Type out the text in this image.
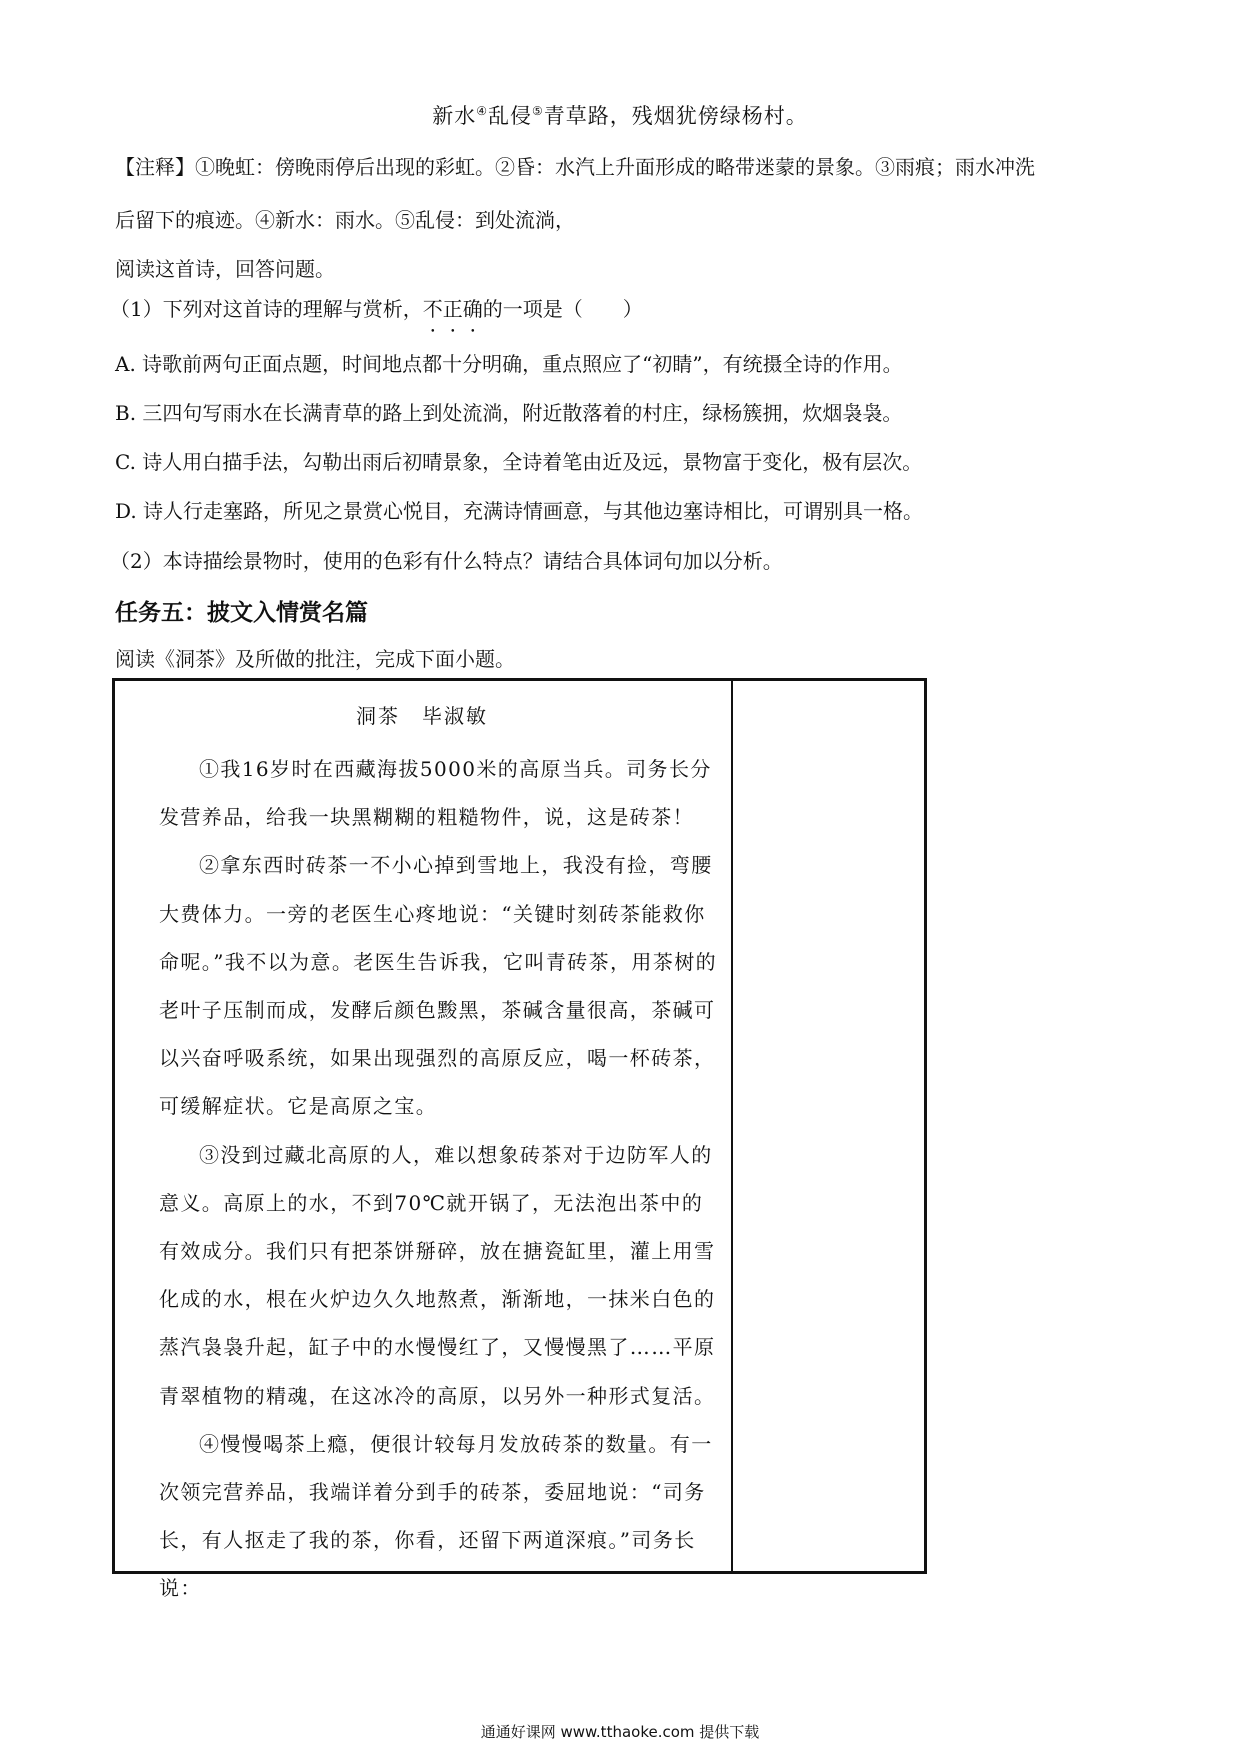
新水④乱侵⑤青草路，残烟犹傍绿杨村。
【注释】①晚虹：傍晚雨停后出现的彩虹。②昏：水汽上升面形成的略带迷蒙的景象。③雨痕；雨水冲洗
后留下的痕迹。④新水：雨水。⑤乱侵：到处流淌，
阅读这首诗，回答问题。
（1）下列对这首诗的理解与赏析，不正确的一项是（　　）
A. 诗歌前两句正面点题，时间地点都十分明确，重点照应了“初睛”，有统摄全诗的作用。
B. 三四句写雨水在长满青草的路上到处流淌，附近散落着的村庄，绿杨簇拥，炊烟袅袅。
C. 诗人用白描手法，勾勒出雨后初晴景象，全诗着笔由近及远，景物富于变化，极有层次。
D. 诗人行走塞路，所见之景赏心悦目，充满诗情画意，与其他边塞诗相比，可谓别具一格。
（2）本诗描绘景物时，使用的色彩有什么特点？请结合具体词句加以分析。
任务五：披文入情赏名篇
阅读《洞茶》及所做的批注，完成下面小题。
洞茶　毕淑敏

①我16岁时在西藏海拔5000米的高原当兵。司务长分发营养品，给我一块黑糊糊的粗糙物件，说，这是砖茶！

②拿东西时砖茶一不小心掉到雪地上，我没有捡，弯腰大费体力。一旁的老医生心疼地说：“关键时刻砖茶能救你命呢。”我不以为意。老医生告诉我，它叫青砖茶，用茶树的老叶子压制而成，发酵后颜色黢黑，茶碱含量很高，茶碱可以兴奋呼吸系统，如果出现强烈的高原反应，喝一杯砖茶，可缓解症状。它是高原之宝。

③没到过藏北高原的人，难以想象砖茶对于边防军人的意义。高原上的水，不到70℃就开锅了，无法泡出茶中的有效成分。我们只有把茶饼掰碎，放在搪瓷缸里，灌上用雪化成的水，根在火炉边久久地熬煮，渐渐地，一抹米白色的蒸汽袅袅升起，缸子中的水慢慢红了，又慢慢黑了……平原青翠植物的精魂，在这冰冷的高原，以另外一种形式复活。

④慢慢喝茶上瘾，便很计较每月发放砖茶的数量。有一次领完营养品，我端详着分到手的砖茶，委屈地说：“司务长，有人抠走了我的茶，你看，还留下两道深痕。”司务长说：

通通好课网 www.tthaoke.com 提供下载
